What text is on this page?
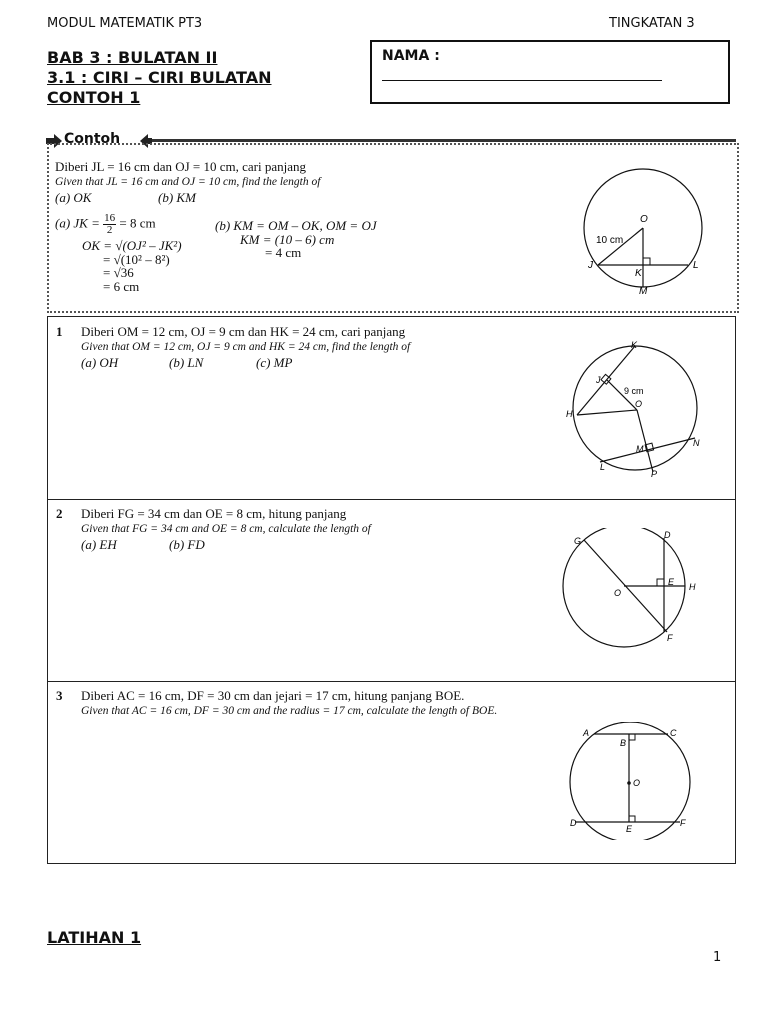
MODUL MATEMATIK PT3	TINGKATAN 3
BAB 3 : BULATAN II
3.1 : CIRI – CIRI BULATAN
CONTOH 1
NAMA :
Contoh
Diberi JL = 16 cm dan OJ = 10 cm, cari panjang
Given that JL = 16 cm and OJ = 10 cm, find the length of
(a) OK	(b) KM
(a) JK = $\frac{16}{2} = 8$ cm
OK = √(OJ² – JK²)
= √(10² – 8²)
= √36
= 6 cm
(b) KM = OM – OK, OM = OJ
KM = (10 – 6) cm
= 4 cm
O
J
K
L
M
10 cm
1 Diberi OM = 12 cm, OJ = 9 cm dan HK = 24 cm, cari panjang
Given that OM = 12 cm, OJ = 9 cm and HK = 24 cm, find the length of
(a) OH	(b) LN	(c) MP
K
J
9 cm
O
H
N
M
L
P
2 Diberi FG = 34 cm dan OE = 8 cm, hitung panjang
Given that FG = 34 cm and OE = 8 cm, calculate the length of
(a) EH	(b) FD	G
D
E H
O
F
3 Diberi AC = 16 cm, DF = 30 cm dan jejari = 17 cm, hitung panjang BOE.
Given that AC = 16 cm, DF = 30 cm and the radius = 17 cm, calculate the length of BOE.
A
B
C
O
D
E
F
LATIHAN 1
1
